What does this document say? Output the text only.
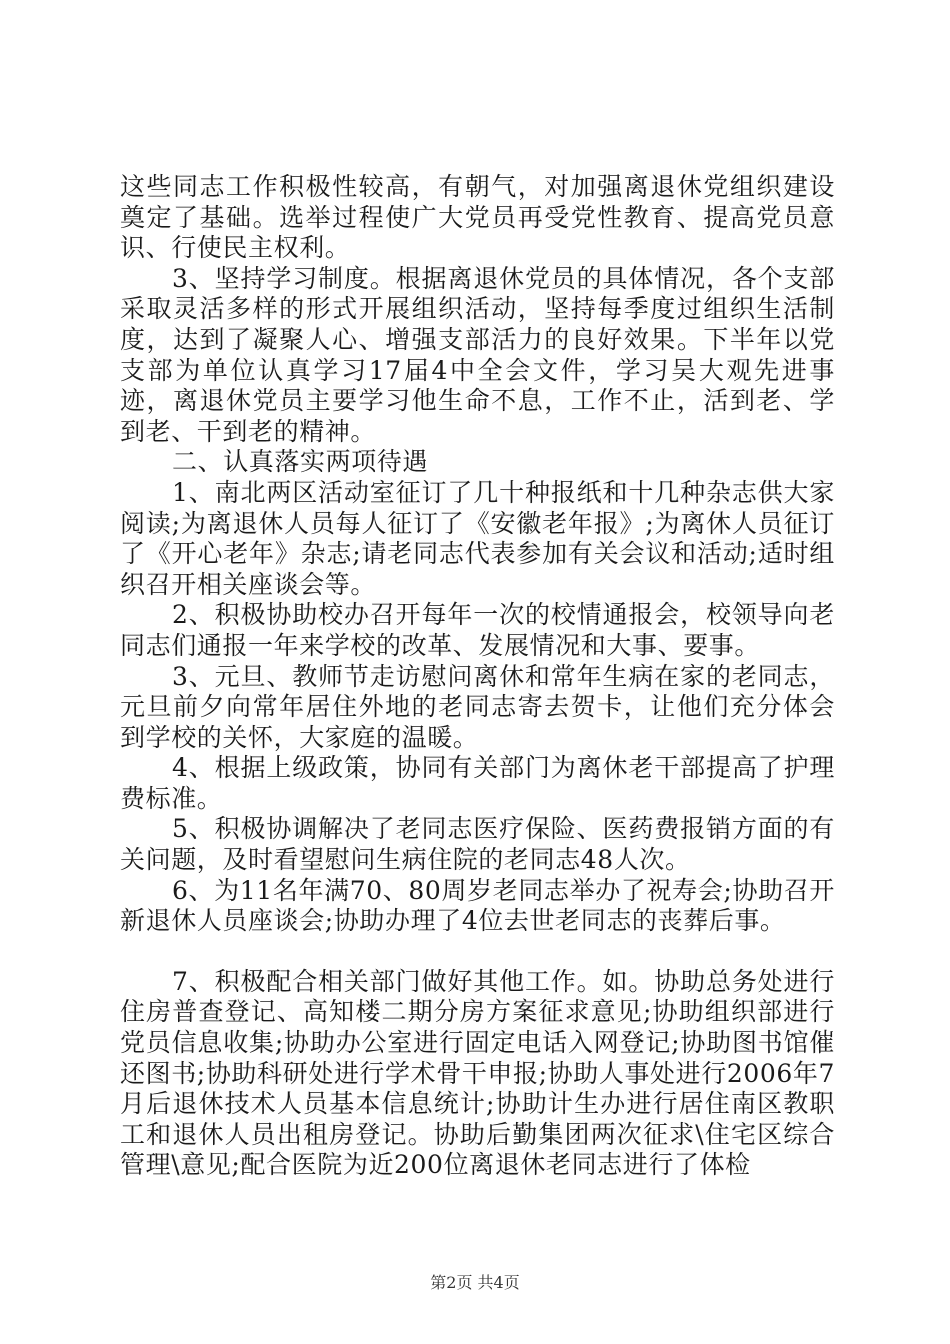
这些同志工作积极性较高，有朝气，对加强离退休党组织建设奠定了基础。选举过程使广大党员再受党性教育、提高党员意识、行使民主权利。

3、坚持学习制度。根据离退休党员的具体情况，各个支部采取灵活多样的形式开展组织活动，坚持每季度过组织生活制度，达到了凝聚人心、增强支部活力的良好效果。下半年以党支部为单位认真学习17届4中全会文件，学习吴大观先进事迹，离退休党员主要学习他生命不息，工作不止，活到老、学到老、干到老的精神。

二、认真落实两项待遇

1、南北两区活动室征订了几十种报纸和十几种杂志供大家阅读;为离退休人员每人征订了《安徽老年报》;为离休人员征订了《开心老年》杂志;请老同志代表参加有关会议和活动;适时组织召开相关座谈会等。

2、积极协助校办召开每年一次的校情通报会，校领导向老同志们通报一年来学校的改革、发展情况和大事、要事。

3、元旦、教师节走访慰问离休和常年生病在家的老同志，元旦前夕向常年居住外地的老同志寄去贺卡，让他们充分体会到学校的关怀，大家庭的温暖。

4、根据上级政策，协同有关部门为离休老干部提高了护理费标准。

5、积极协调解决了老同志医疗保险、医药费报销方面的有关问题，及时看望慰问生病住院的老同志48人次。

6、为11名年满70、80周岁老同志举办了祝寿会;协助召开新退休人员座谈会;协助办理了4位去世老同志的丧葬后事。

7、积极配合相关部门做好其他工作。如。协助总务处进行住房普查登记、高知楼二期分房方案征求意见;协助组织部进行党员信息收集;协助办公室进行固定电话入网登记;协助图书馆催还图书;协助科研处进行学术骨干申报;协助人事处进行2006年7月后退休技术人员基本信息统计;协助计生办进行居住南区教职工和退休人员出租房登记。协助后勤集团两次征求\住宅区综合管理\意见;配合医院为近200位离退休老同志进行了体检

第2页 共4页
